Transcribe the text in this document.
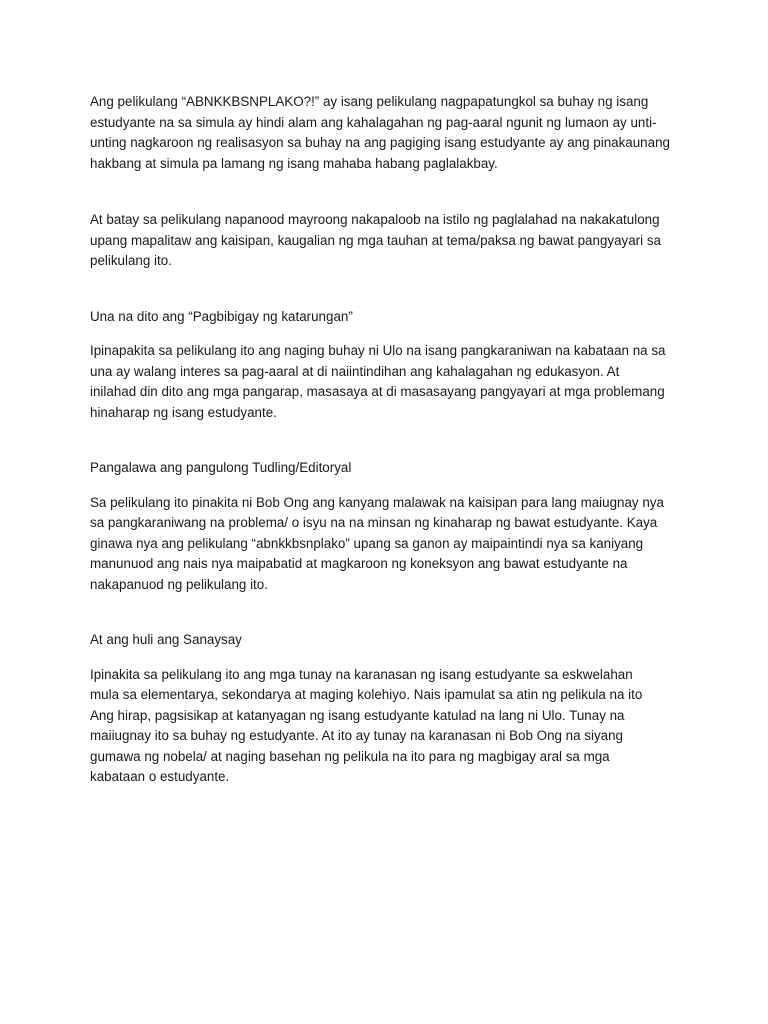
Ang pelikulang “ABNKKBSNPLAKO?!” ay isang pelikulang nagpapatungkol sa buhay ng isang
estudyante na sa simula ay hindi alam ang kahalagahan ng pag-aaral ngunit ng lumaon ay unti-
unting nagkaroon ng realisasyon sa buhay na ang pagiging isang estudyante ay ang pinakaunang
hakbang at simula pa lamang ng isang mahaba habang paglalakbay.

At batay sa pelikulang napanood mayroong nakapaloob na istilo ng paglalahad na nakakatulong
upang mapalitaw ang kaisipan, kaugalian ng mga tauhan at tema/paksa ng bawat pangyayari sa
pelikulang ito.

Una na dito ang “Pagbibigay ng katarungan”

Ipinapakita sa pelikulang ito ang naging buhay ni Ulo na isang pangkaraniwan na kabataan na sa
una ay walang interes sa pag-aaral at di naiintindihan ang kahalagahan ng edukasyon. At
inilahad din dito ang mga pangarap, masasaya at di masasayang pangyayari at mga problemang
hinaharap ng isang estudyante.

Pangalawa ang pangulong Tudling/Editoryal

Sa pelikulang ito pinakita ni Bob Ong ang kanyang malawak na kaisipan para lang maiugnay nya
sa pangkaraniwang na problema/ o isyu na na minsan ng kinaharap ng bawat estudyante. Kaya
ginawa nya ang pelikulang “abnkkbsnplako” upang sa ganon ay maipaintindi nya sa kaniyang
manunuod ang nais nya maipabatid at magkaroon ng koneksyon ang bawat estudyante na
nakapanuod ng pelikulang ito.

At ang huli ang Sanaysay

Ipinakita sa pelikulang ito ang mga tunay na karanasan ng isang estudyante sa eskwelahan
mula sa elementarya, sekondarya at maging kolehiyo. Nais ipamulat sa atin ng pelikula na ito
Ang hirap, pagsisikap at katanyagan ng isang estudyante katulad na lang ni Ulo. Tunay na
maiiugnay ito sa buhay ng estudyante. At ito ay tunay na karanasan ni Bob Ong na siyang
gumawa ng nobela/ at naging basehan ng pelikula na ito para ng magbigay aral sa mga
kabataan o estudyante.
